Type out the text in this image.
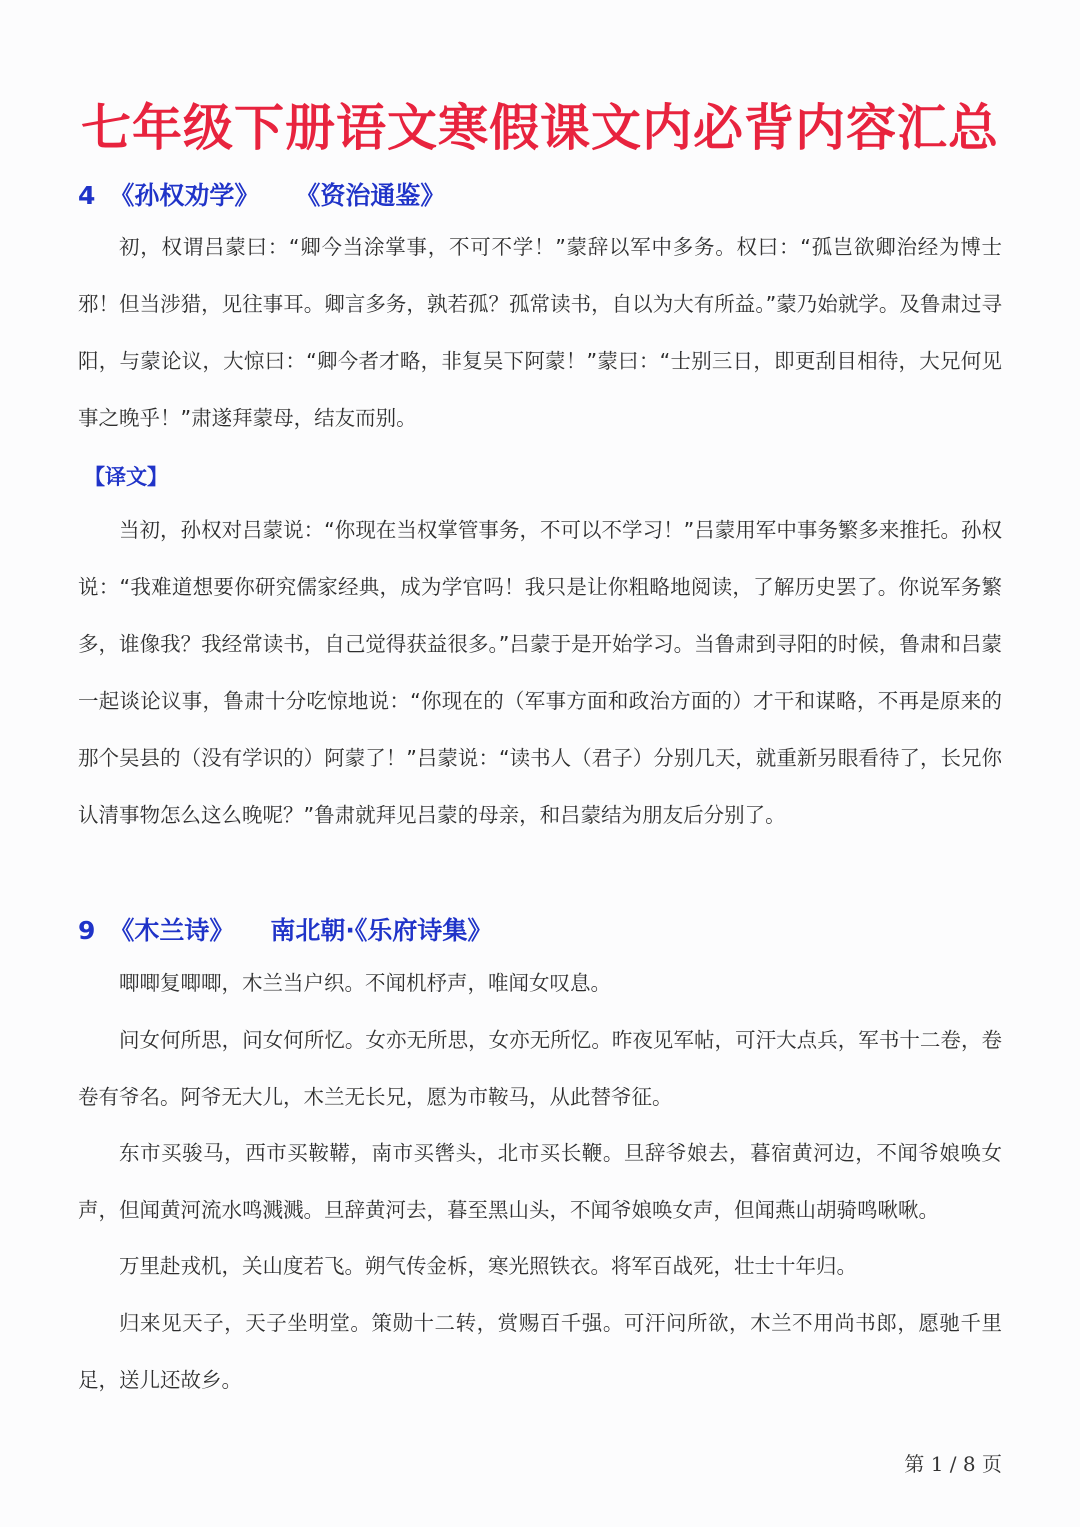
七年级下册语文寒假课文内必背内容汇总
4 《孙权劝学》 《资治通鉴》

初，权谓吕蒙曰：“卿今当涂掌事，不可不学！”蒙辞以军中多务。权曰：“孤岂欲卿治经为博士邪！但当涉猎，见往事耳。卿言多务，孰若孤？孤常读书，自以为大有所益。”蒙乃始就学。及鲁肃过寻阳，与蒙论议，大惊曰：“卿今者才略，非复吴下阿蒙！”蒙曰：“士别三日，即更刮目相待，大兄何见事之晚乎！”肃遂拜蒙母，结友而别。

【译文】

当初，孙权对吕蒙说：“你现在当权掌管事务，不可以不学习！”吕蒙用军中事务繁多来推托。孙权说：“我难道想要你研究儒家经典，成为学官吗！我只是让你粗略地阅读，了解历史罢了。你说军务繁多，谁像我？我经常读书，自己觉得获益很多。”吕蒙于是开始学习。当鲁肃到寻阳的时候，鲁肃和吕蒙一起谈论议事，鲁肃十分吃惊地说：“你现在的（军事方面和政治方面的）才干和谋略，不再是原来的那个吴县的（没有学识的）阿蒙了！”吕蒙说：“读书人（君子）分别几天，就重新另眼看待了，长兄你认清事物怎么这么晚呢？”鲁肃就拜见吕蒙的母亲，和吕蒙结为朋友后分别了。

9 《木兰诗》 南北朝·《乐府诗集》

唧唧复唧唧，木兰当户织。不闻机杼声，唯闻女叹息。

问女何所思，问女何所忆。女亦无所思，女亦无所忆。昨夜见军帖，可汗大点兵，军书十二卷，卷卷有爷名。阿爷无大儿，木兰无长兄，愿为市鞍马，从此替爷征。

东市买骏马，西市买鞍鞯，南市买辔头，北市买长鞭。旦辞爷娘去，暮宿黄河边，不闻爷娘唤女声，但闻黄河流水鸣溅溅。旦辞黄河去，暮至黑山头，不闻爷娘唤女声，但闻燕山胡骑鸣啾啾。

万里赴戎机，关山度若飞。朔气传金柝，寒光照铁衣。将军百战死，壮士十年归。

归来见天子，天子坐明堂。策勋十二转，赏赐百千强。可汗问所欲，木兰不用尚书郎，愿驰千里足，送儿还故乡。

第 1 / 8 页
